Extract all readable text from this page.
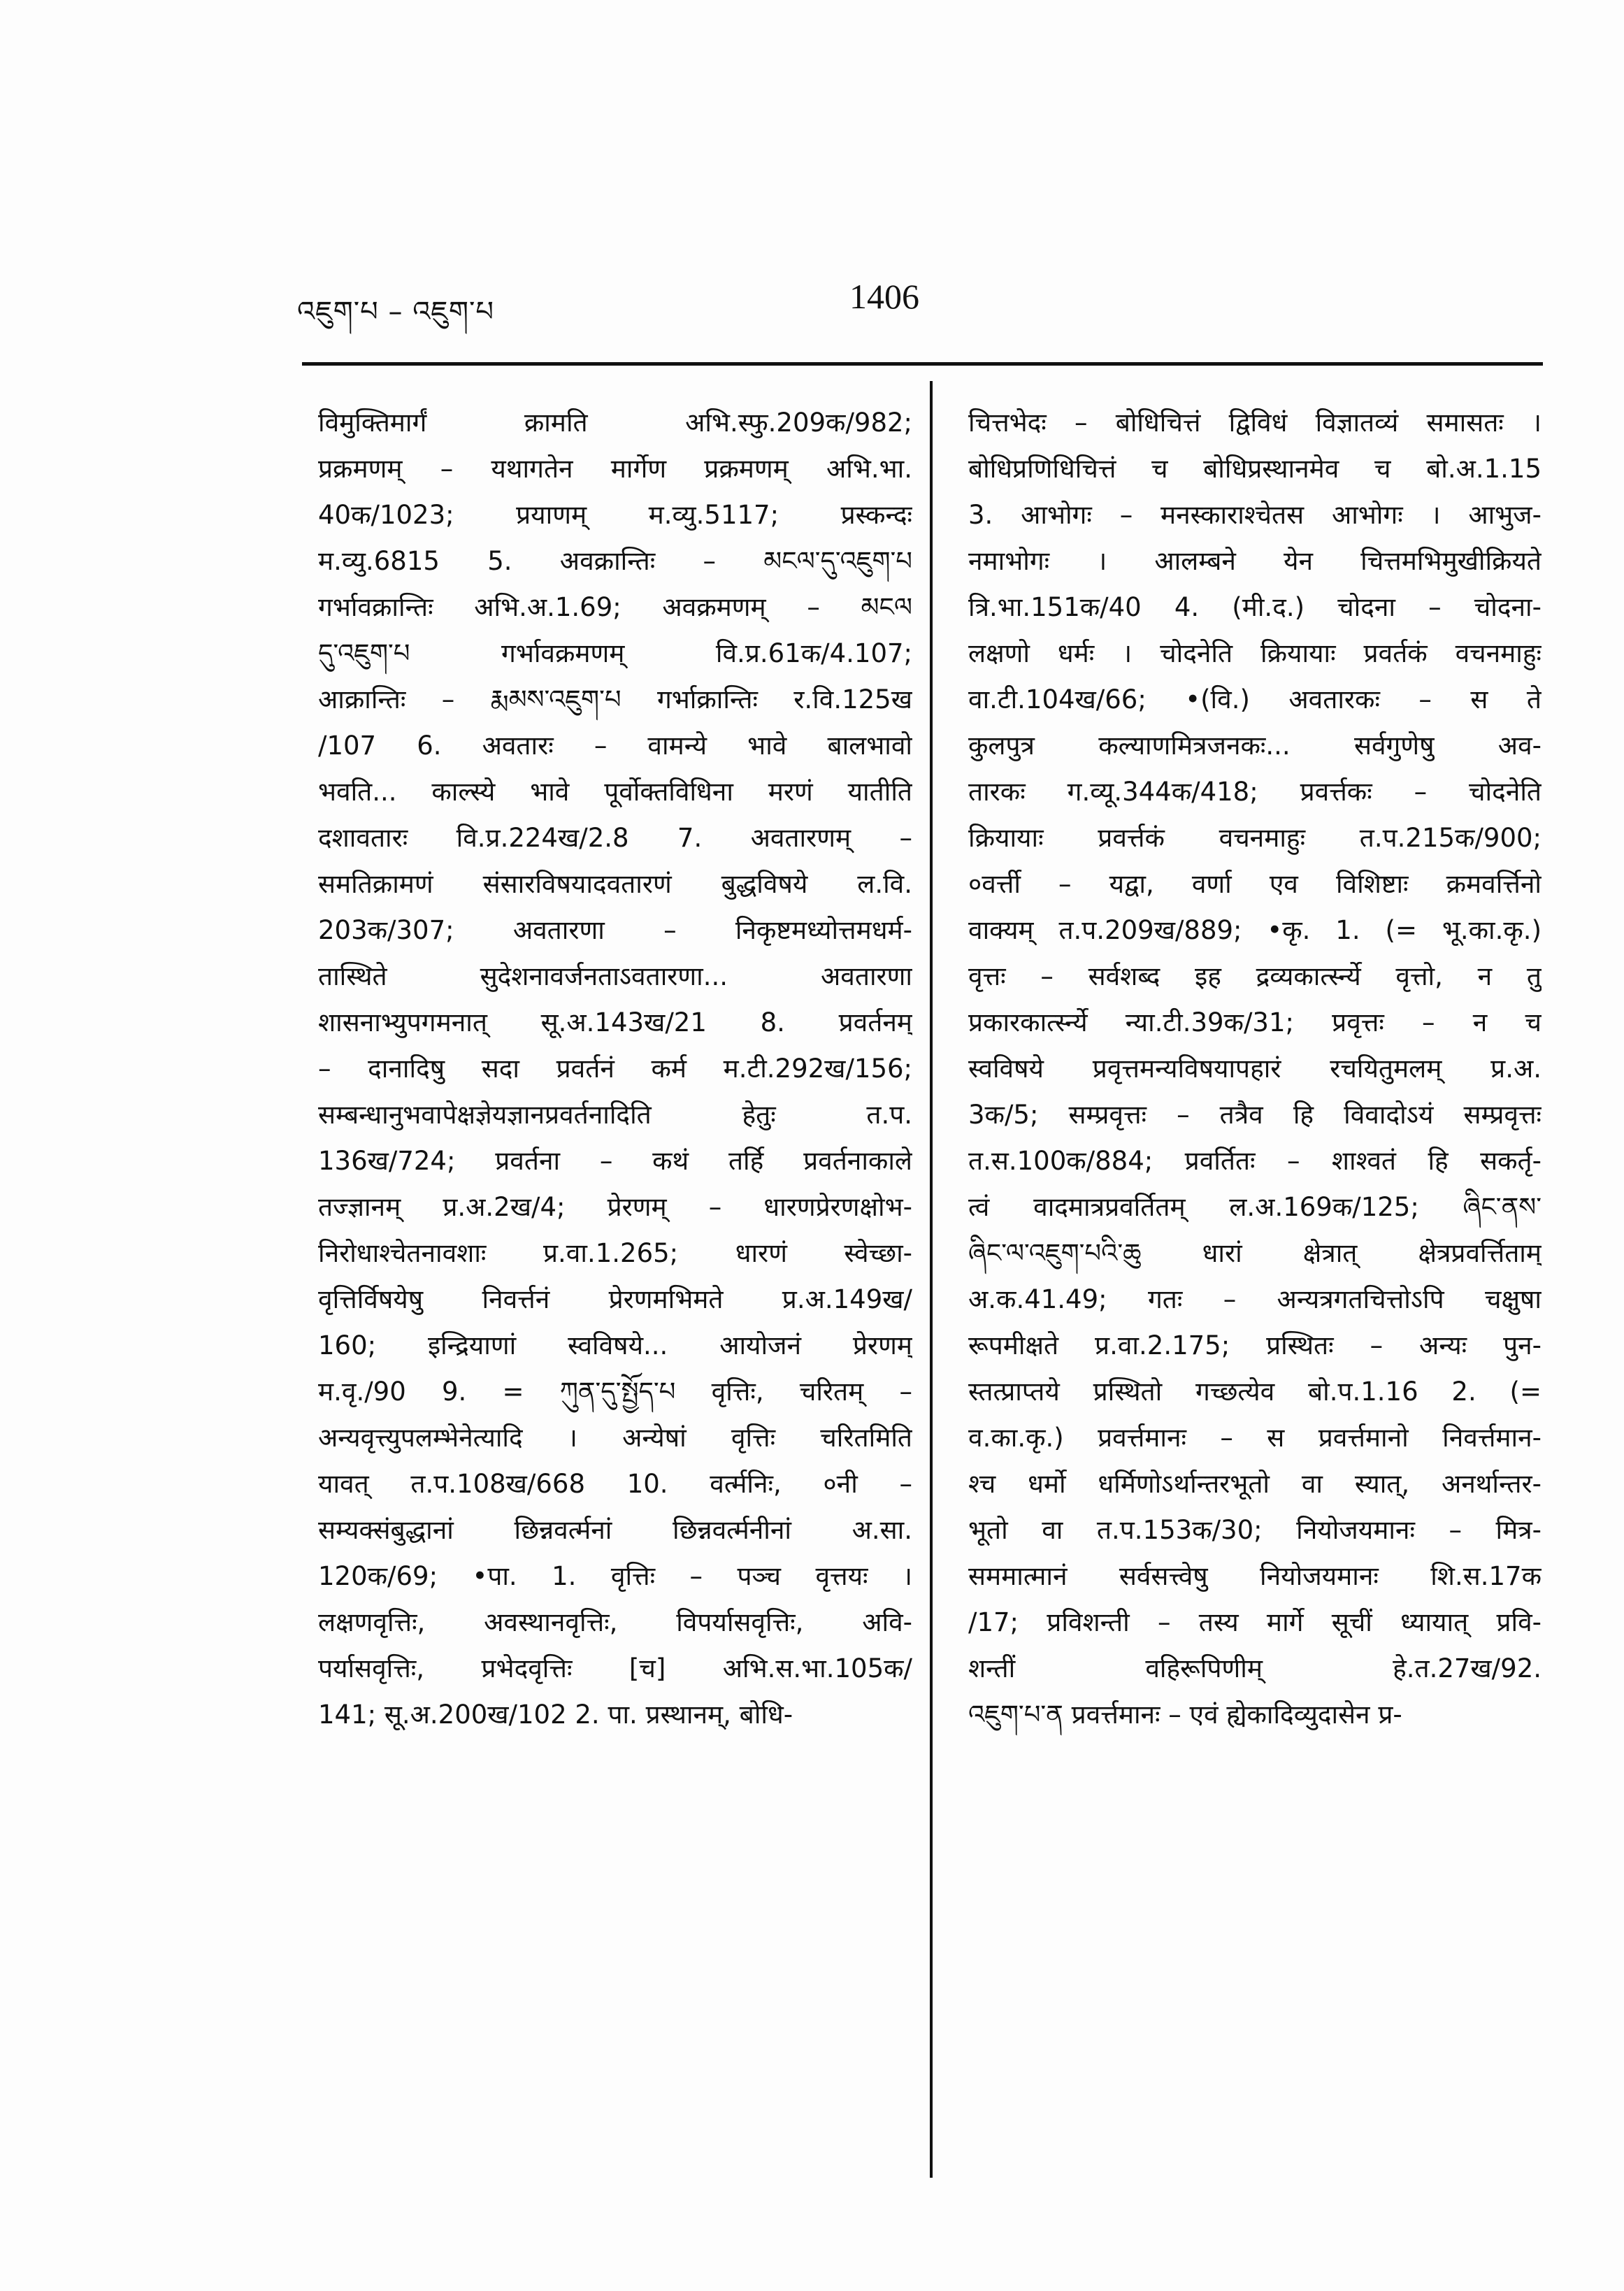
འཇུག་པ – འཇུག་པ	1406
विमुक्तिमार्गं क्रामति अभि.स्फु.209क/982;
प्रक्रमणम् – यथागतेन मार्गेण प्रक्रमणम् अभि.भा.
40क/1023; प्रयाणम् म.व्यु.5117; प्रस्कन्दः
म.व्यु.6815 5. अवक्रान्तिः – མངལ་དུ་འཇུག་པ
गर्भावक्रान्तिः अभि.अ.1.69; अवक्रमणम् – མངལ
དུ་འཇུག་པ गर्भावक्रमणम् वि.प्र.61क/4.107;
आक्रान्तिः – རྨམས་འཇུག་པ गर्भाक्रान्तिः र.वि.125ख
/107 6. अवतारः – वामन्ये भावे बालभावो
भवति... काल्स्ये भावे पूर्वोक्तविधिना मरणं यातीति
दशावतारः वि.प्र.224ख/2.8 7. अवतारणम् –
समतिक्रामणं संसारविषयादवतारणं बुद्धविषये ल.वि.
203क/307; अवतारणा – निकृष्टमध्योत्तमधर्म-
तास्थिते सुदेशनावर्जनताऽवतारणा... अवतारणा
शासनाभ्युपगमनात् सू.अ.143ख/21 8. प्रवर्तनम्
– दानादिषु सदा प्रवर्तनं कर्म म.टी.292ख/156;
सम्बन्धानुभवापेक्षज्ञेयज्ञानप्रवर्तनादिति हेतुः त.प.
136ख/724; प्रवर्तना – कथं तर्हि प्रवर्तनाकाले
तज्ज्ञानम् प्र.अ.2ख/4; प्रेरणम् – धारणप्रेरणक्षोभ-
निरोधाश्चेतनावशाः प्र.वा.1.265; धारणं स्वेच्छा-
वृत्तिर्विषयेषु निवर्त्तनं प्रेरणमभिमते प्र.अ.149ख/
160; इन्द्रियाणां स्वविषये... आयोजनं प्रेरणम्
म.वृ./90 9. = ཀུན་དུ་སྤྱོད་པ वृत्तिः, चरितम् –
अन्यवृत्त्युपलम्भेनेत्यादि । अन्येषां वृत्तिः चरितमिति
यावत् त.प.108ख/668 10. वर्त्मनिः, ०नी –
सम्यक्संबुद्धानां छिन्नवर्त्मनां छिन्नवर्त्मनीनां अ.सा.
120क/69; •पा. 1. वृत्तिः – पञ्च वृत्तयः ।
लक्षणवृत्तिः, अवस्थानवृत्तिः, विपर्यासवृत्तिः, अवि-
पर्यासवृत्तिः, प्रभेदवृत्तिः [च] अभि.स.भा.105क/
141; सू.अ.200ख/102 2. पा. प्रस्थानम्, बोधि-
चित्तभेदः – बोधिचित्तं द्विविधं विज्ञातव्यं समासतः ।
बोधिप्रणिधिचित्तं च बोधिप्रस्थानमेव च बो.अ.1.15
3. आभोगः – मनस्काराश्चेतस आभोगः । आभुज-
नमाभोगः । आलम्बने येन चित्तमभिमुखीक्रियते
त्रि.भा.151क/40 4. (मी.द.) चोदना – चोदना-
लक्षणो धर्मः । चोदनेति क्रियायाः प्रवर्तकं वचनमाहुः
वा.टी.104ख/66; •(वि.) अवतारकः – स ते
कुलपुत्र कल्याणमित्रजनकः... सर्वगुणेषु अव-
तारकः ग.व्यू.344क/418; प्रवर्त्तकः – चोदनेति
क्रियायाः प्रवर्त्तकं वचनमाहुः त.प.215क/900;
०वर्त्ती – यद्वा, वर्णा एव विशिष्टाः क्रमवर्त्तिनो
वाक्यम् त.प.209ख/889; •कृ. 1. (= भू.का.कृ.)
वृत्तः – सर्वशब्द इह द्रव्यकार्त्स्न्ये वृत्तो, न तु
प्रकारकार्त्स्न्ये न्या.टी.39क/31; प्रवृत्तः – न च
स्वविषये प्रवृत्तमन्यविषयापहारं रचयितुमलम् प्र.अ.
3क/5; सम्प्रवृत्तः – तत्रैव हि विवादोऽयं सम्प्रवृत्तः
त.स.100क/884; प्रवर्तितः – शाश्वतं हि सकर्तृ-
त्वं वादमात्रप्रवर्तितम् ल.अ.169क/125; ཞིང་ནས་
ཞིང་ལ་འཇུག་པའི་ཆུ धारां क्षेत्रात् क्षेत्रप्रवर्त्तिताम्
अ.क.41.49; गतः – अन्यत्रगतचित्तोऽपि चक्षुषा
रूपमीक्षते प्र.वा.2.175; प्रस्थितः – अन्यः पुन-
स्तत्प्राप्तये प्रस्थितो गच्छत्येव बो.प.1.16 2. (=
व.का.कृ.) प्रवर्त्तमानः – स प्रवर्त्तमानो निवर्त्तमान-
श्च धर्मो धर्मिणोऽर्थान्तरभूतो वा स्यात्, अनर्थान्तर-
भूतो वा त.प.153क/30; नियोजयमानः – मित्र-
सममात्मानं सर्वसत्त्वेषु नियोजयमानः शि.स.17क
/17; प्रविशन्ती – तस्य मार्गे सूचीं ध्यायात् प्रवि-
शन्तीं वहिरूपिणीम् हे.त.27ख/92.
འཇུག་པ་ན प्रवर्त्तमानः – एवं ह्येकादिव्युदासेन प्र-
